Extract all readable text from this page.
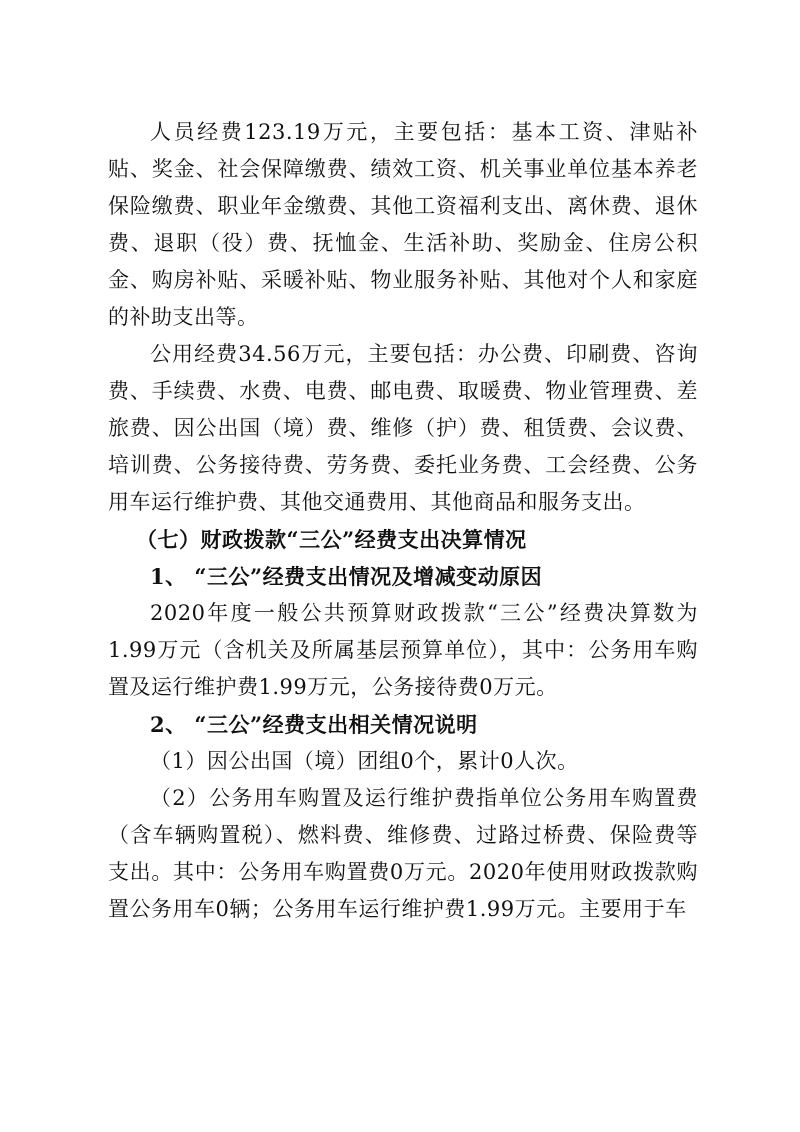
人员经费123.19万元，主要包括：基本工资、津贴补贴、奖金、社会保障缴费、绩效工资、机关事业单位基本养老保险缴费、职业年金缴费、其他工资福利支出、离休费、退休费、退职（役）费、抚恤金、生活补助、奖励金、住房公积金、购房补贴、采暖补贴、物业服务补贴、其他对个人和家庭的补助支出等。

公用经费34.56万元，主要包括：办公费、印刷费、咨询费、手续费、水费、电费、邮电费、取暖费、物业管理费、差旅费、因公出国（境）费、维修（护）费、租赁费、会议费、培训费、公务接待费、劳务费、委托业务费、工会经费、公务用车运行维护费、其他交通费用、其他商品和服务支出。

（七）财政拨款“三公”经费支出决算情况

1、 “三公”经费支出情况及增减变动原因

2020年度一般公共预算财政拨款“三公”经费决算数为1.99万元（含机关及所属基层预算单位），其中：公务用车购置及运行维护费1.99万元，公务接待费0万元。

2、 “三公”经费支出相关情况说明

（1）因公出国（境）团组0个，累计0人次。

（2）公务用车购置及运行维护费指单位公务用车购置费（含车辆购置税）、燃料费、维修费、过路过桥费、保险费等支出。其中：公务用车购置费0万元。2020年使用财政拨款购置公务用车0辆；公务用车运行维护费1.99万元。主要用于车
